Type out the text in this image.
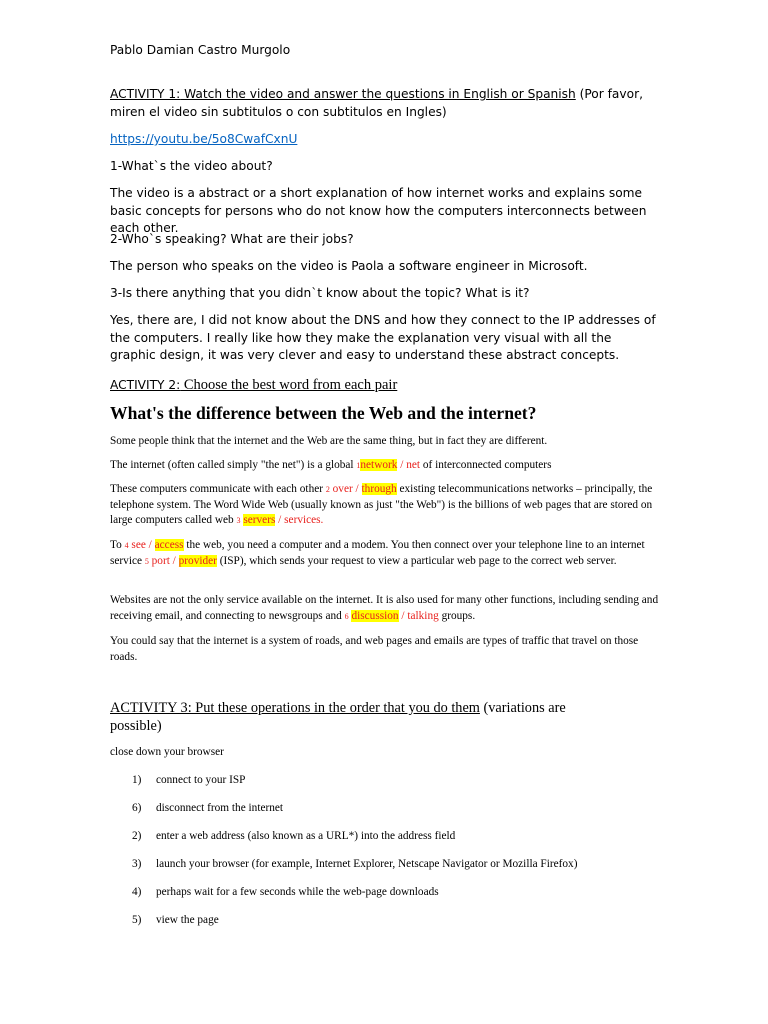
Pablo Damian Castro Murgolo
ACTIVITY 1: Watch the video and answer the questions in English or Spanish (Por favor, miren el video sin subtitulos o con subtitulos en Ingles)
https://youtu.be/5o8CwafCxnU
1-What`s the video about?
The video is a abstract or a short explanation of how internet works and explains some basic concepts for persons who do not know how the computers interconnects between each other.
2-Who`s speaking? What are their jobs?
The person who speaks on the video is Paola a software engineer in Microsoft.
3-Is there anything that you didn`t know about the topic? What is it?
Yes, there are, I did not know about the DNS and how they connect to the IP addresses of the computers. I really like how they make the explanation very visual with all the graphic design, it was very clever and easy to understand these abstract concepts.
ACTIVITY 2: Choose the best word from each pair
What's the difference between the Web and the internet?
Some people think that the internet and the Web are the same thing, but in fact they are different.
The internet (often called simply "the net") is a global 1network / net of interconnected computers
These computers communicate with each other 2 over / through existing telecommunications networks – principally, the telephone system. The Word Wide Web (usually known as just "the Web") is the billions of web pages that are stored on large computers called web 3 servers / services.
To 4 see / access the web, you need a computer and a modem. You then connect over your telephone line to an internet service 5 port / provider (ISP), which sends your request to view a particular web page to the correct web server.
Websites are not the only service available on the internet. It is also used for many other functions, including sending and receiving email, and connecting to newsgroups and 6 discussion / talking groups.
You could say that the internet is a system of roads, and web pages and emails are types of traffic that travel on those roads.
ACTIVITY 3: Put these operations in the order that you do them (variations are possible)
close down your browser
1) connect to your ISP
6) disconnect from the internet
2) enter a web address (also known as a URL*) into the address field
3) launch your browser (for example, Internet Explorer, Netscape Navigator or Mozilla Firefox)
4) perhaps wait for a few seconds while the web-page downloads
5) view the page
